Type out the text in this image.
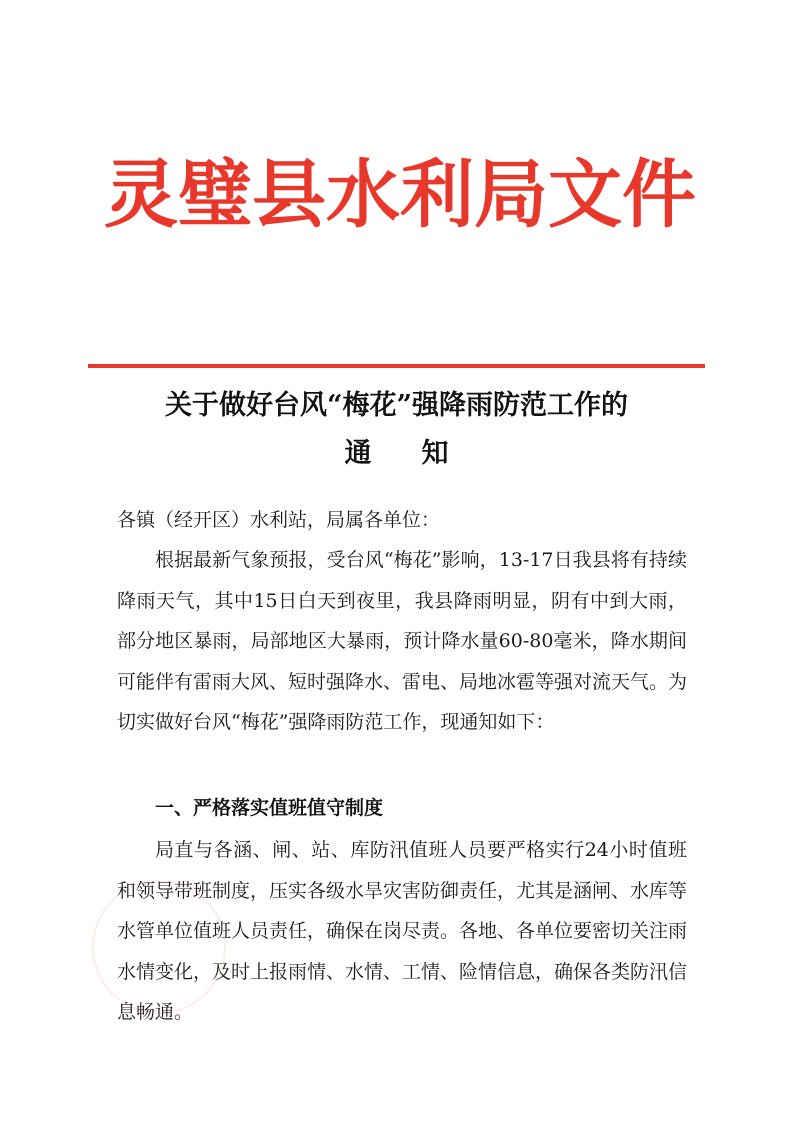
灵璧县水利局文件
关于做好台风“梅花”强降雨防范工作的
通 知
各镇（经开区）水利站，局属各单位：

根据最新气象预报，受台风“梅花”影响，13-17日我县将有持续降雨天气，其中15日白天到夜里，我县降雨明显，阴有中到大雨，部分地区暴雨，局部地区大暴雨，预计降水量60-80毫米，降水期间可能伴有雷雨大风、短时强降水、雷电、局地冰雹等强对流天气。为切实做好台风“梅花”强降雨防范工作，现通知如下：

一、严格落实值班值守制度

局直与各涵、闸、站、库防汛值班人员要严格实行24小时值班和领导带班制度，压实各级水旱灾害防御责任，尤其是涵闸、水库等水管单位值班人员责任，确保在岗尽责。各地、各单位要密切关注雨水情变化，及时上报雨情、水情、工情、险情信息，确保各类防汛信息畅通。
